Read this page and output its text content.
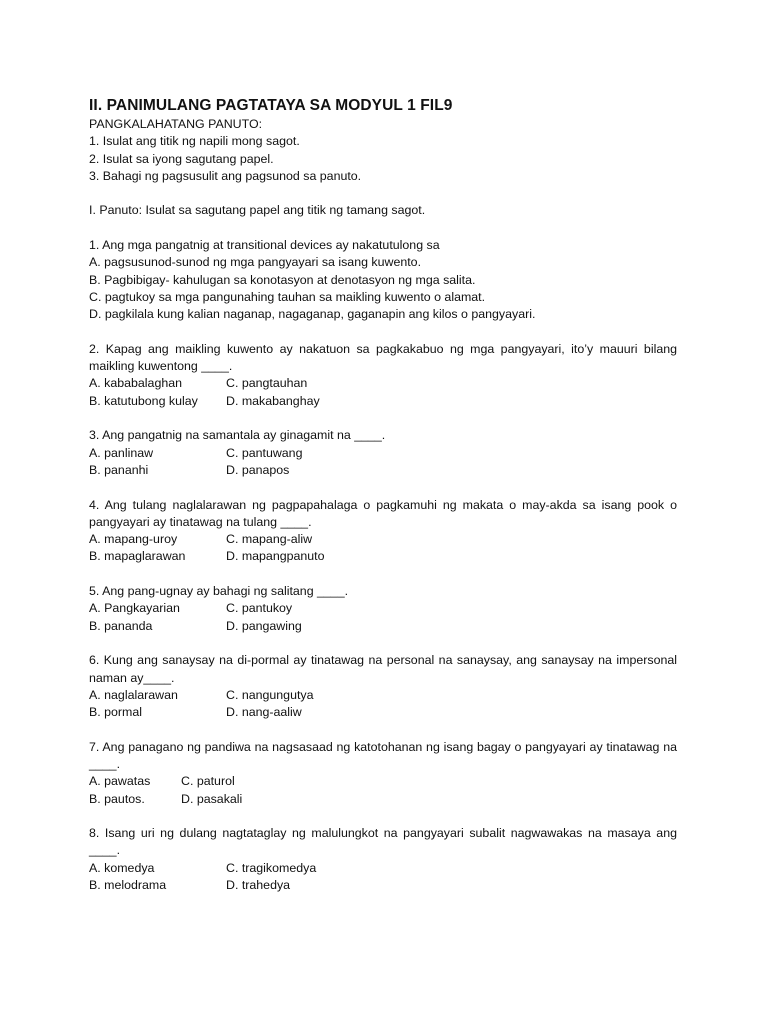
II. PANIMULANG PAGTATAYA SA MODYUL 1 FIL9
PANGKALAHATANG PANUTO:
1. Isulat ang titik ng napili mong sagot.
2. Isulat sa iyong sagutang papel.
3. Bahagi ng pagsusulit ang pagsunod sa panuto.
I. Panuto: Isulat sa sagutang papel ang titik ng tamang sagot.
1. Ang mga pangatnig at transitional devices ay nakatutulong sa
A. pagsusunod-sunod ng mga pangyayari sa isang kuwento.
B. Pagbibigay- kahulugan sa konotasyon at denotasyon ng mga salita.
C. pagtukoy sa mga pangunahing tauhan sa maikling kuwento o alamat.
D. pagkilala kung kalian naganap, nagaganap, gaganapin ang kilos o pangyayari.
2. Kapag ang maikling kuwento ay nakatuon sa pagkakabuo ng mga pangyayari, ito’y mauuri bilang maikling kuwentong ____.
A. kababalaghan	C. pangtauhan
B. katutubong kulay	D. makabanghay
3. Ang pangatnig na samantala ay ginagamit na ____.
A. panlinaw	C. pantuwang
B. pananhi	D. panapos
4. Ang tulang naglalarawan ng pagpapahalaga o pagkamuhi ng makata o may-akda sa isang pook o pangyayari ay tinatawag na tulang ____.
A. mapang-uroy	C. mapang-aliw
B. mapaglarawan	D. mapangpanuto
5. Ang pang-ugnay ay bahagi ng salitang ____.
A. Pangkayarian	C. pantukoy
B. pananda	D. pangawing
6. Kung ang sanaysay na di-pormal ay tinatawag na personal na sanaysay, ang sanaysay na impersonal naman ay____.
A. naglalarawan	C. nangungutya
B. pormal	D. nang-aaliw
7. Ang panagano ng pandiwa na nagsasaad ng katotohanan ng isang bagay o pangyayari ay tinatawag na ____.
A. pawatas	C. paturol
B. pautos.	D. pasakali
8. Isang uri ng dulang nagtataglay ng malulungkot na pangyayari subalit nagwawakas na masaya ang ____.
A. komedya	C. tragikomedya
B. melodrama	D. trahedya
